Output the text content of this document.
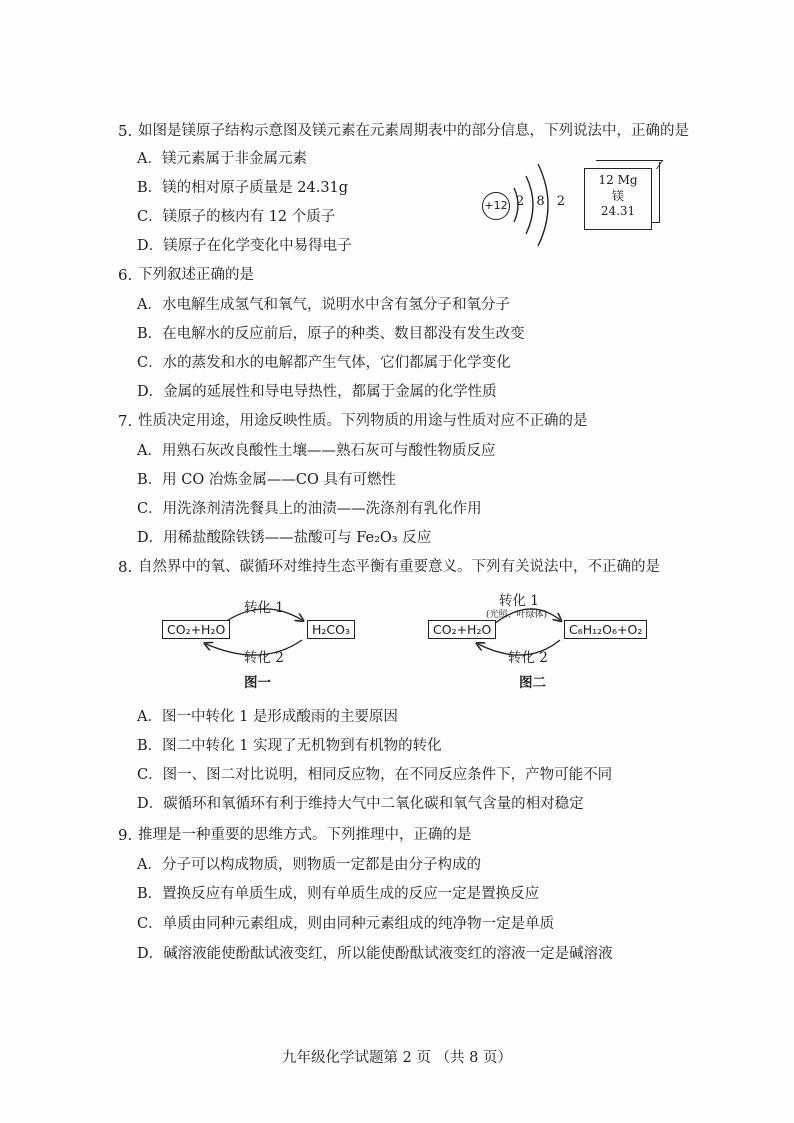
5. 如图是镁原子结构示意图及镁元素在元素周期表中的部分信息，下列说法中，正确的是
A．镁元素属于非金属元素
B．镁的相对原子质量是 24.31g
C．镁原子的核内有 12 个质子
D．镁原子在化学变化中易得电子
+12 2 8 2
12 Mg
镁
24.31
6. 下列叙述正确的是
A．水电解生成氢气和氧气，说明水中含有氢分子和氧分子
B．在电解水的反应前后，原子的种类、数目都没有发生改变
C．水的蒸发和水的电解都产生气体，它们都属于化学变化
D．金属的延展性和导电导热性，都属于金属的化学性质
7. 性质决定用途，用途反映性质。下列物质的用途与性质对应不正确的是
A．用熟石灰改良酸性土壤——熟石灰可与酸性物质反应
B．用 CO 冶炼金属——CO 具有可燃性
C．用洗涤剂清洗餐具上的油渍——洗涤剂有乳化作用
D．用稀盐酸除铁锈——盐酸可与 Fe₂O₃ 反应
8. 自然界中的氧、碳循环对维持生态平衡有重要意义。下列有关说法中，不正确的是
转化 1
CO₂+H₂O	H₂CO₃
转化 2
图一
转化 1
(光照、叶绿体)
CO₂+H₂O	C₆H₁₂O₆+O₂
转化 2
图二
A．图一中转化 1 是形成酸雨的主要原因
B．图二中转化 1 实现了无机物到有机物的转化
C．图一、图二对比说明，相同反应物，在不同反应条件下，产物可能不同
D．碳循环和氧循环有利于维持大气中二氧化碳和氧气含量的相对稳定
9. 推理是一种重要的思维方式。下列推理中，正确的是
A．分子可以构成物质，则物质一定都是由分子构成的
B．置换反应有单质生成，则有单质生成的反应一定是置换反应
C．单质由同种元素组成，则由同种元素组成的纯净物一定是单质
D．碱溶液能使酚酞试液变红，所以能使酚酞试液变红的溶液一定是碱溶液
九年级化学试题第 2 页 （共 8 页）
